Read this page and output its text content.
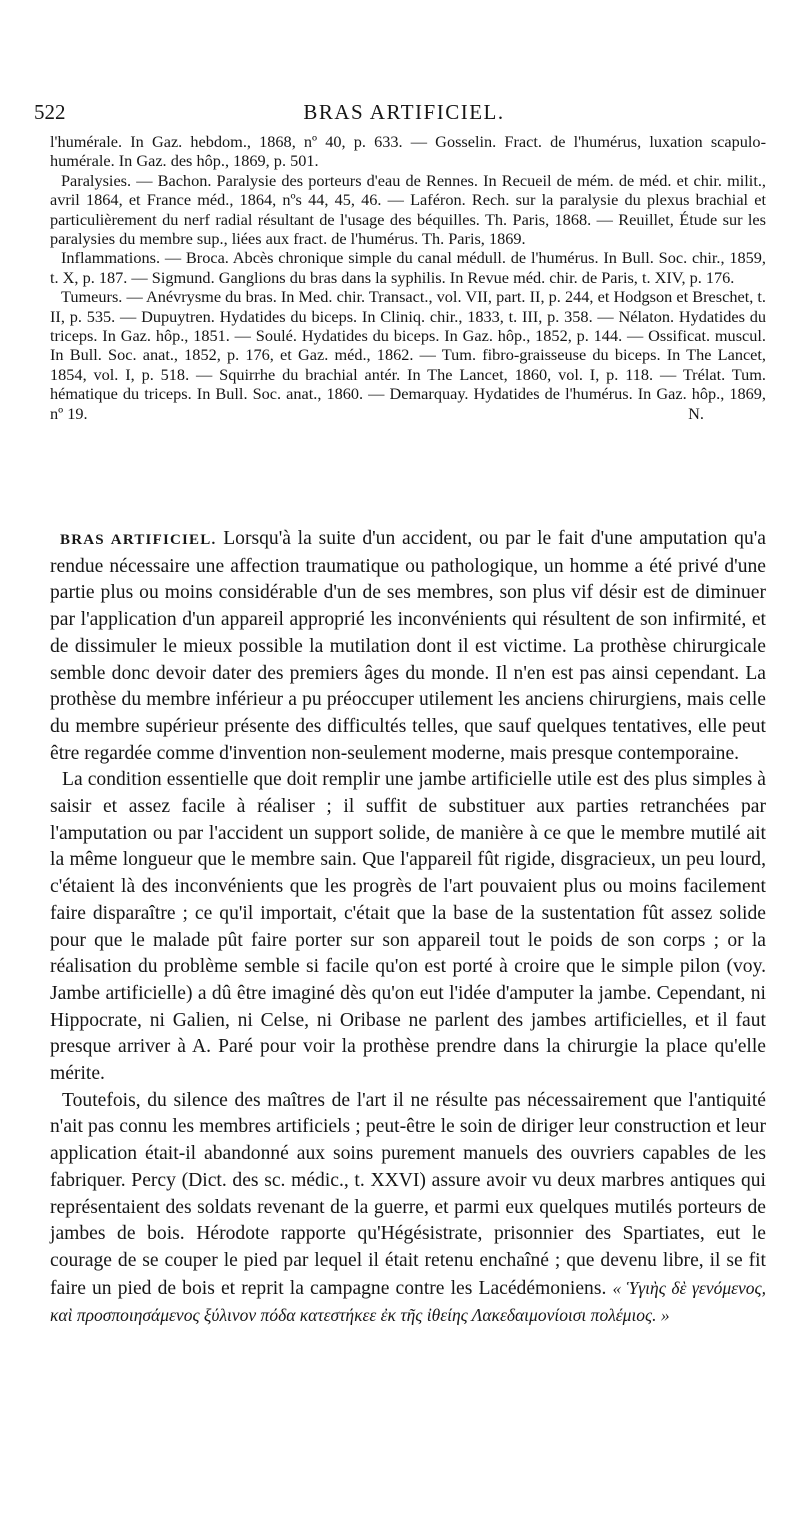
522	BRAS ARTIFICIEL.

l'humérale. In Gaz. hebdom., 1868, nº 40, p. 633. — Gosselin. Fract. de l'humérus, luxation scapulo-humérale. In Gaz. des hôp., 1869, p. 501.

Paralysies. — Bachon. Paralysie des porteurs d'eau de Rennes. In Recueil de mém. de méd. et chir. milit., avril 1864, et France méd., 1864, nºs 44, 45, 46. — Laféron. Rech. sur la paralysie du plexus brachial et particulièrement du nerf radial résultant de l'usage des béquilles. Th. Paris, 1868. — Reuillet, Étude sur les paralysies du membre sup., liées aux fract. de l'humérus. Th. Paris, 1869.

Inflammations. — Broca. Abcès chronique simple du canal médull. de l'humérus. In Bull. Soc. chir., 1859, t. X, p. 187. — Sigmund. Ganglions du bras dans la syphilis. In Revue méd. chir. de Paris, t. XIV, p. 176.

Tumeurs. — Anévrysme du bras. In Med. chir. Transact., vol. VII, part. II, p. 244, et Hodgson et Breschet, t. II, p. 535. — Dupuytren. Hydatides du biceps. In Cliniq. chir., 1833, t. III, p. 358. — Nélaton. Hydatides du triceps. In Gaz. hôp., 1851. — Soulé. Hydatides du biceps. In Gaz. hôp., 1852, p. 144. — Ossificat. muscul. In Bull. Soc. anat., 1852, p. 176, et Gaz. méd., 1862. — Tum. fibro-graisseuse du biceps. In The Lancet, 1854, vol. I, p. 518. — Squirrhe du brachial antér. In The Lancet, 1860, vol. I, p. 118. — Trélat. Tum. hématique du triceps. In Bull. Soc. anat., 1860. — Demarquay. Hydatides de l'humérus. In Gaz. hôp., 1869, nº 19.	N.

BRAS ARTIFICIEL. Lorsqu'à la suite d'un accident, ou par le fait d'une amputation qu'a rendue nécessaire une affection traumatique ou pathologique, un homme a été privé d'une partie plus ou moins considérable d'un de ses membres, son plus vif désir est de diminuer par l'application d'un appareil approprié les inconvénients qui résultent de son infirmité, et de dissimuler le mieux possible la mutilation dont il est victime. La prothèse chirurgicale semble donc devoir dater des premiers âges du monde. Il n'en est pas ainsi cependant. La prothèse du membre inférieur a pu préoccuper utilement les anciens chirurgiens, mais celle du membre supérieur présente des difficultés telles, que sauf quelques tentatives, elle peut être regardée comme d'invention non-seulement moderne, mais presque contemporaine.

La condition essentielle que doit remplir une jambe artificielle utile est des plus simples à saisir et assez facile à réaliser ; il suffit de substituer aux parties retranchées par l'amputation ou par l'accident un support solide, de manière à ce que le membre mutilé ait la même longueur que le membre sain. Que l'appareil fût rigide, disgracieux, un peu lourd, c'étaient là des inconvénients que les progrès de l'art pouvaient plus ou moins facilement faire disparaître ; ce qu'il importait, c'était que la base de la sustentation fût assez solide pour que le malade pût faire porter sur son appareil tout le poids de son corps ; or la réalisation du problème semble si facile qu'on est porté à croire que le simple pilon (voy. Jambe artificielle) a dû être imaginé dès qu'on eut l'idée d'amputer la jambe. Cependant, ni Hippocrate, ni Galien, ni Celse, ni Oribase ne parlent des jambes artificielles, et il faut presque arriver à A. Paré pour voir la prothèse prendre dans la chirurgie la place qu'elle mérite.

Toutefois, du silence des maîtres de l'art il ne résulte pas nécessairement que l'antiquité n'ait pas connu les membres artificiels ; peut-être le soin de diriger leur construction et leur application était-il abandonné aux soins purement manuels des ouvriers capables de les fabriquer. Percy (Dict. des sc. médic., t. XXVI) assure avoir vu deux marbres antiques qui représentaient des soldats revenant de la guerre, et parmi eux quelques mutilés porteurs de jambes de bois. Hérodote rapporte qu'Hégésistrate, prisonnier des Spartiates, eut le courage de se couper le pied par lequel il était retenu enchaîné ; que devenu libre, il se fit faire un pied de bois et reprit la campagne contre les Lacédémoniens. « Ὑγιὴς δὲ γενόμενος, καὶ προσποιησάμενος ξύλινον πόδα κατεστήκεε ἐκ τῆς ἰθείης Λακεδαιμονίοισι πολέμιος. »
